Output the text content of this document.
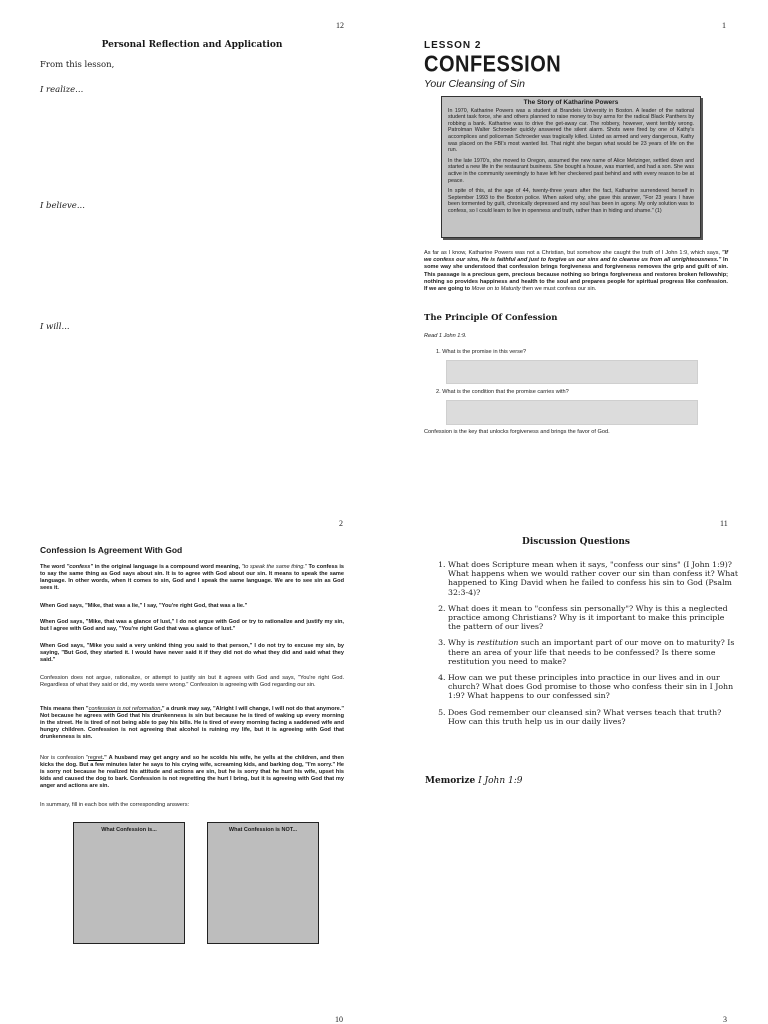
12
Personal Reflection and Application
From this lesson,
I realize...
I believe...
I will...
1
LESSON 2
CONFESSION
Your Cleansing of Sin
The Story of Katharine Powers

In 1970, Katharine Powers was a student at Brandeis University in Boston. A leader of the national student task force, she and others planned to raise money to buy arms for the radical Black Panthers by robbing a bank. Katharine was to drive the get-away car. The robbery, however, went terribly wrong. Patrolman Walter Schroeder quickly answered the silent alarm. Shots were fired by one of Kathy's accomplices and policeman Schroeder was tragically killed. Listed as armed and very dangerous, Kathy was placed on the FBI's most wanted list. That night she began what would be 23 years of life on the run.

In the late 1970's, she moved to Oregon, assumed the new name of Alice Metzinger, settled down and started a new life in the restaurant business. She bought a house, was married, and had a son. She was active in the community seemingly to have left her checkered past behind and with every reason to be at peace.

In spite of this, at the age of 44, twenty-three years after the fact, Katharine surrendered herself in September 1993 to the Boston police. When asked why, she gave this answer, "For 23 years I have been tormented by guilt, chronically depressed and my soul has been in agony. My only solution was to confess, so I could learn to live in openness and truth, rather than in hiding and shame." (1)

As far as I know, Katharine Powers was not a Christian, but somehow she caught the truth of I John 1:9, which says, "If we confess our sins, He is faithful and just to forgive us our sins and to cleanse us from all unrighteousness." In some way she understood that confession brings forgiveness and forgiveness removes the grip and guilt of sin. This passage is a precious gem, precious because nothing so brings forgiveness and restores broken fellowship; nothing so provides happiness and health to the soul and prepares people for spiritual progress like confession. If we are going to Move on to Maturity then we must confess our sin.
The Principle Of Confession
Read 1 John 1:9.
1. What is the promise in this verse?
2. What is the condition that the promise carries with?
Confession is the key that unlocks forgiveness and brings the favor of God.
2
Confession Is Agreement With God
The word "confess" in the original language is a compound word meaning, "to speak the same thing." To confess is to say the same thing as God says about sin. It is to agree with God about our sin. It means to speak the same language. In other words, when it comes to sin, God and I speak the same language. We are to see sin as God sees it.
When God says, "Mike, that was a lie," I say, "You're right God, that was a lie."
When God says, "Mike, that was a glance of lust," I do not argue with God or try to rationalize and justify my sin, but I agree with God and say, "You're right God that was a glance of lust."
When God says, "Mike you said a very unkind thing you said to that person," I do not try to excuse my sin, by saying, "But God, they started it. I would have never said it if they did not do what they did and said what they said."
Confession does not argue, rationalize, or attempt to justify sin but it agrees with God and says, "You're right God. Regardless of what they said or did, my words were wrong." Confession is agreeing with God regarding our sin.
This means then "confession is not reformation," a drunk may say, "Alright I will change, I will not do that anymore." Not because he agrees with God that his drunkenness is sin but because he is tired of waking up every morning in the street. He is tired of not being able to pay his bills. He is tired of every morning facing a saddened wife and hungry children. Confession is not agreeing that alcohol is ruining my life, but it is agreeing with God that drunkenness is sin.
Nor is confession "regret." A husband may get angry and so he scolds his wife, he yells at the children, and then kicks the dog. But a few minutes later he says to his crying wife, screaming kids, and barking dog, "I'm sorry." He is sorry not because he realized his attitude and actions are sin, but he is sorry that he hurt his wife, upset his kids and caused the dog to bark. Confession is not regretting the hurt I bring, but it is agreeing with God that my anger and actions are sin.
In summary, fill in each box with the corresponding answers:
What Confession is...	What Confession is NOT...
10
11
Discussion Questions
1. What does Scripture mean when it says, "confess our sins" (I John 1:9)? What happens when we would rather cover our sin than confess it? What happened to King David when he failed to confess his sin to God (Psalm 32:3-4)?
2. What does it mean to "confess sin personally"? Why is this a neglected practice among Christians? Why is it important to make this principle the pattern of our lives?
3. Why is restitution such an important part of our move on to maturity? Is there an area of your life that needs to be confessed? Is there some restitution you need to make?
4. How can we put these principles into practice in our lives and in our church? What does God promise to those who confess their sin in I John 1:9? What happens to our confessed sin?
5. Does God remember our cleansed sin? What verses teach that truth? How can this truth help us in our daily lives?
Memorize I John 1:9
3
